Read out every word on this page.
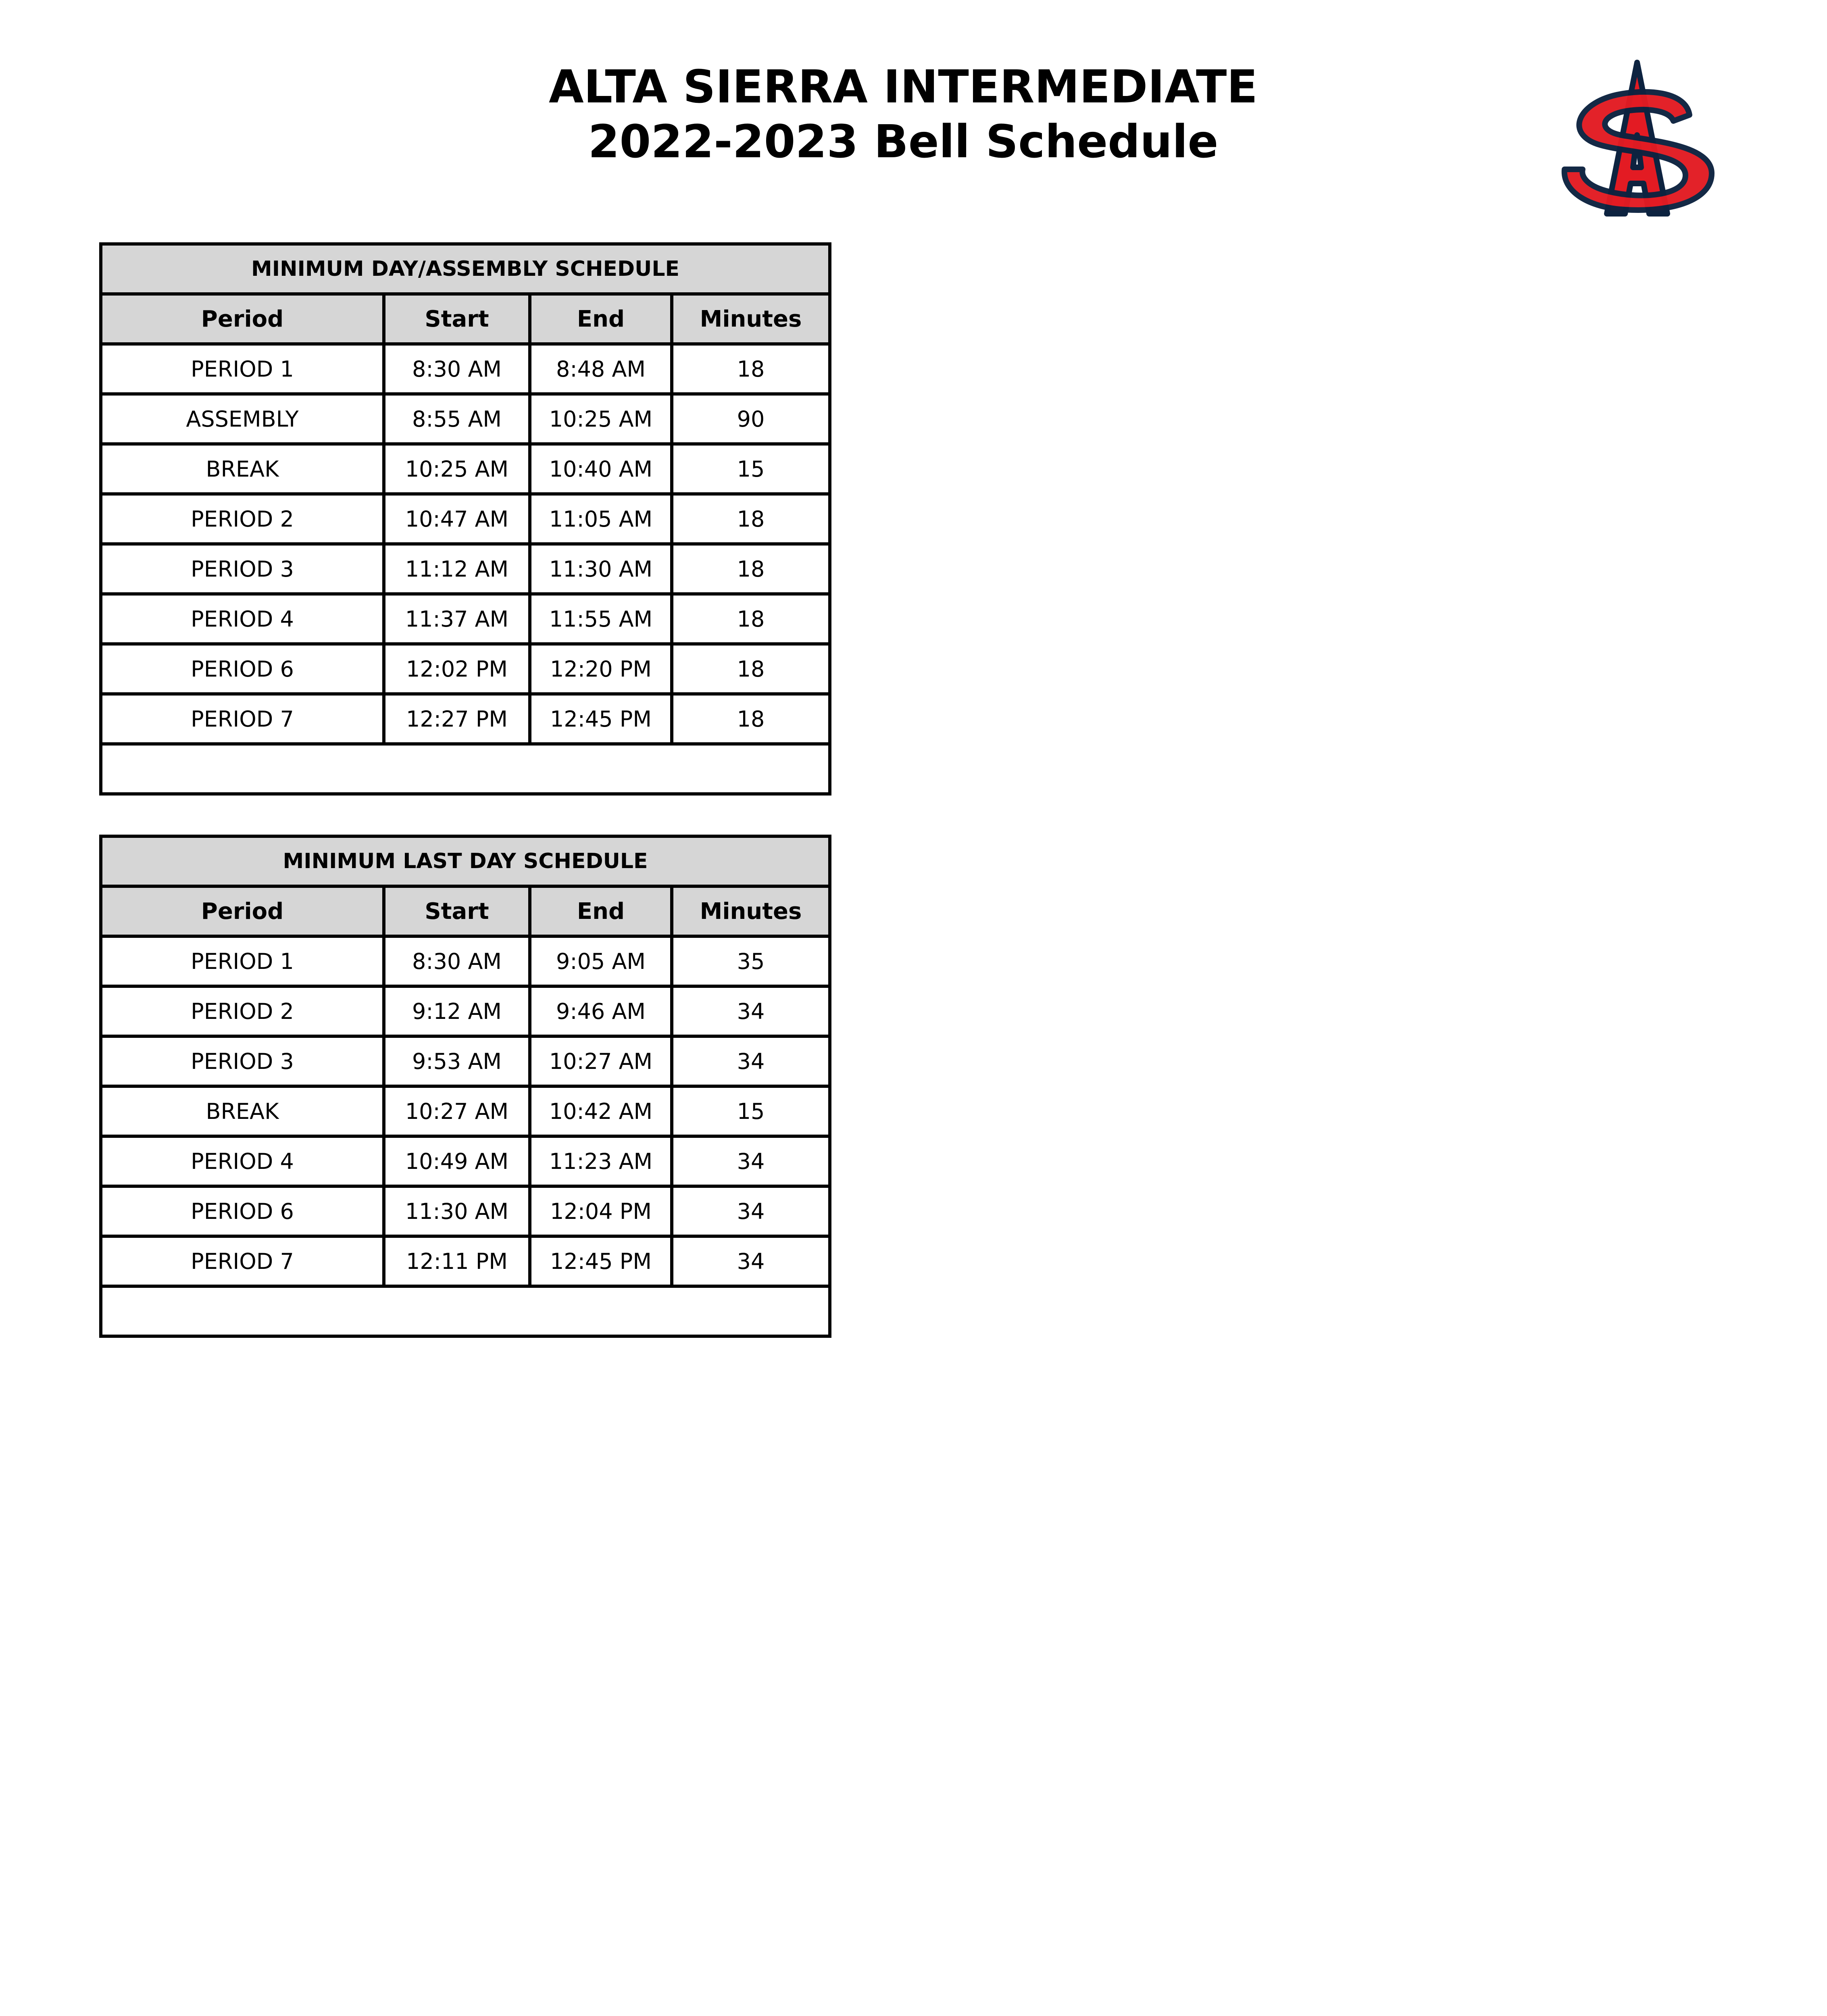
ALTA SIERRA INTERMEDIATE
2022-2023 Bell Schedule
MINIMUM DAY/ASSEMBLY SCHEDULE			
Period	Start	End	Minutes
PERIOD 1	8:30 AM	8:48 AM	18
ASSEMBLY	8:55 AM	10:25 AM	90
BREAK	10:25 AM	10:40 AM	15
PERIOD 2	10:47 AM	11:05 AM	18
PERIOD 3	11:12 AM	11:30 AM	18
PERIOD 4	11:37 AM	11:55 AM	18
PERIOD 6	12:02 PM	12:20 PM	18
PERIOD 7	12:27 PM	12:45 PM	18

MINIMUM LAST DAY SCHEDULE			
Period	Start	End	Minutes
PERIOD 1	8:30 AM	9:05 AM	35
PERIOD 2	9:12 AM	9:46 AM	34
PERIOD 3	9:53 AM	10:27 AM	34
BREAK	10:27 AM	10:42 AM	15
PERIOD 4	10:49 AM	11:23 AM	34
PERIOD 6	11:30 AM	12:04 PM	34
PERIOD 7	12:11 PM	12:45 PM	34
